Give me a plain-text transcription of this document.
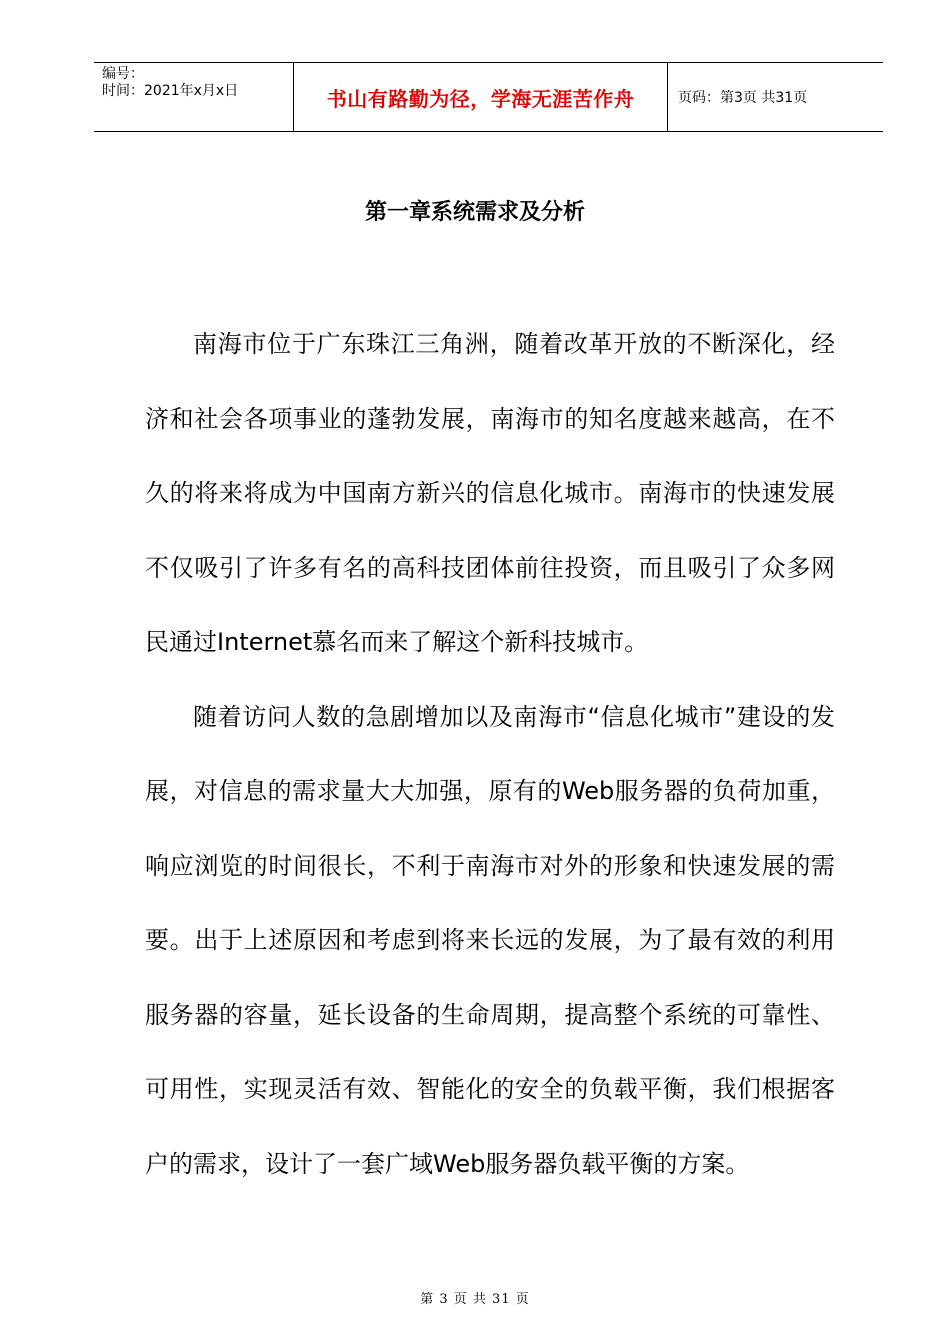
编号：
时间：2021年x月x日	书山有路勤为径，学海无涯苦作舟	页码：第3页 共31页
第一章系统需求及分析

南海市位于广东珠江三角洲，随着改革开放的不断深化，经济和社会各项事业的蓬勃发展，南海市的知名度越来越高，在不久的将来将成为中国南方新兴的信息化城市。南海市的快速发展不仅吸引了许多有名的高科技团体前往投资，而且吸引了众多网民通过Internet慕名而来了解这个新科技城市。

随着访问人数的急剧增加以及南海市“信息化城市”建设的发展，对信息的需求量大大加强，原有的Web服务器的负荷加重，响应浏览的时间很长，不利于南海市对外的形象和快速发展的需要。出于上述原因和考虑到将来长远的发展，为了最有效的利用服务器的容量，延长设备的生命周期，提高整个系统的可靠性、可用性，实现灵活有效、智能化的安全的负载平衡，我们根据客户的需求，设计了一套广域Web服务器负载平衡的方案。

第 3 页 共 31 页
